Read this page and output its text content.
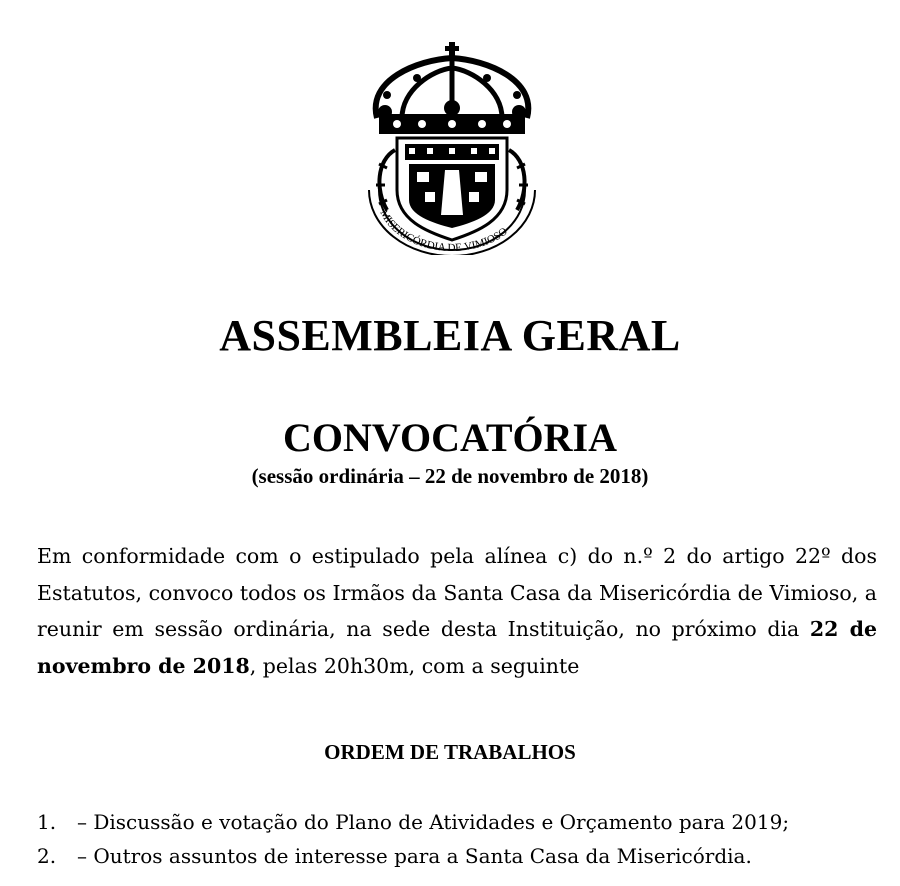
MISERICÓRDIA DE VIMIOSO
ASSEMBLEIA GERAL
CONVOCATÓRIA
(sessão ordinária – 22 de novembro de 2018)

Em conformidade com o estipulado pela alínea c) do n.º 2 do artigo 22º dos Estatutos, convoco todos os Irmãos da Santa Casa da Misericórdia de Vimioso, a reunir em sessão ordinária, na sede desta Instituição, no próximo dia 22 de novembro de 2018, pelas 20h30m, com a seguinte

ORDEM DE TRABALHOS
1.	– Discussão e votação do Plano de Atividades e Orçamento para 2019;
2.	– Outros assuntos de interesse para a Santa Casa da Misericórdia.
